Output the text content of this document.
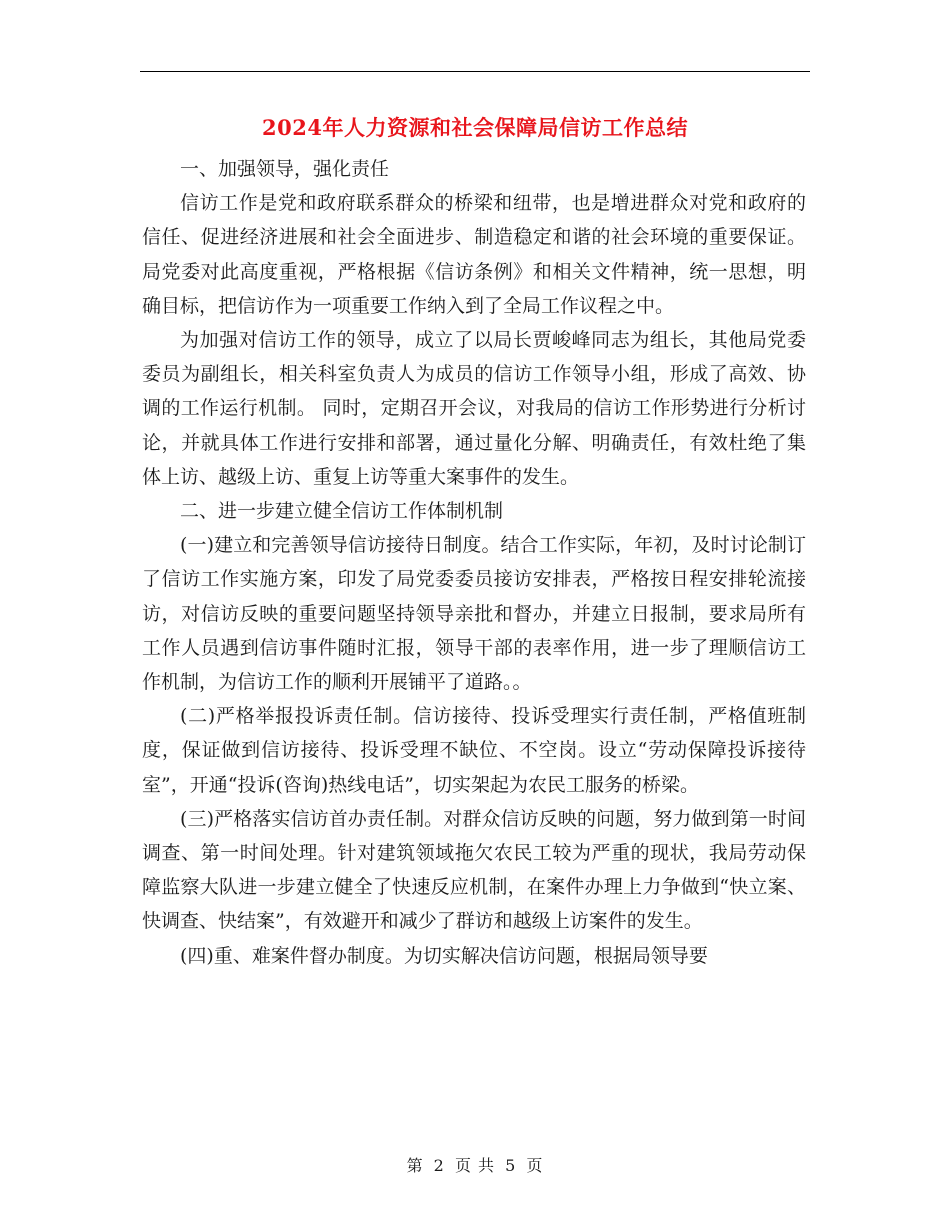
2024年人力资源和社会保障局信访工作总结

一、加强领导，强化责任

信访工作是党和政府联系群众的桥梁和纽带，也是增进群众对党和政府的信任、促进经济进展和社会全面进步、制造稳定和谐的社会环境的重要保证。局党委对此高度重视，严格根据《信访条例》和相关文件精神，统一思想，明确目标，把信访作为一项重要工作纳入到了全局工作议程之中。

为加强对信访工作的领导，成立了以局长贾峻峰同志为组长，其他局党委委员为副组长，相关科室负责人为成员的信访工作领导小组，形成了高效、协调的工作运行机制。 同时，定期召开会议，对我局的信访工作形势进行分析讨论，并就具体工作进行安排和部署，通过量化分解、明确责任，有效杜绝了集体上访、越级上访、重复上访等重大案事件的发生。

二、进一步建立健全信访工作体制机制

(一)建立和完善领导信访接待日制度。结合工作实际，年初，及时讨论制订了信访工作实施方案，印发了局党委委员接访安排表，严格按日程安排轮流接访，对信访反映的重要问题坚持领导亲批和督办，并建立日报制，要求局所有工作人员遇到信访事件随时汇报，领导干部的表率作用，进一步了理顺信访工作机制，为信访工作的顺利开展铺平了道路。。

(二)严格举报投诉责任制。信访接待、投诉受理实行责任制，严格值班制度，保证做到信访接待、投诉受理不缺位、不空岗。设立“劳动保障投诉接待室”，开通“投诉(咨询)热线电话”，切实架起为农民工服务的桥梁。

(三)严格落实信访首办责任制。对群众信访反映的问题，努力做到第一时间调查、第一时间处理。针对建筑领域拖欠农民工较为严重的现状，我局劳动保障监察大队进一步建立健全了快速反应机制，在案件办理上力争做到“快立案、快调查、快结案”，有效避开和减少了群访和越级上访案件的发生。

(四)重、难案件督办制度。为切实解决信访问题，根据局领导要

第 2 页 共 5 页
